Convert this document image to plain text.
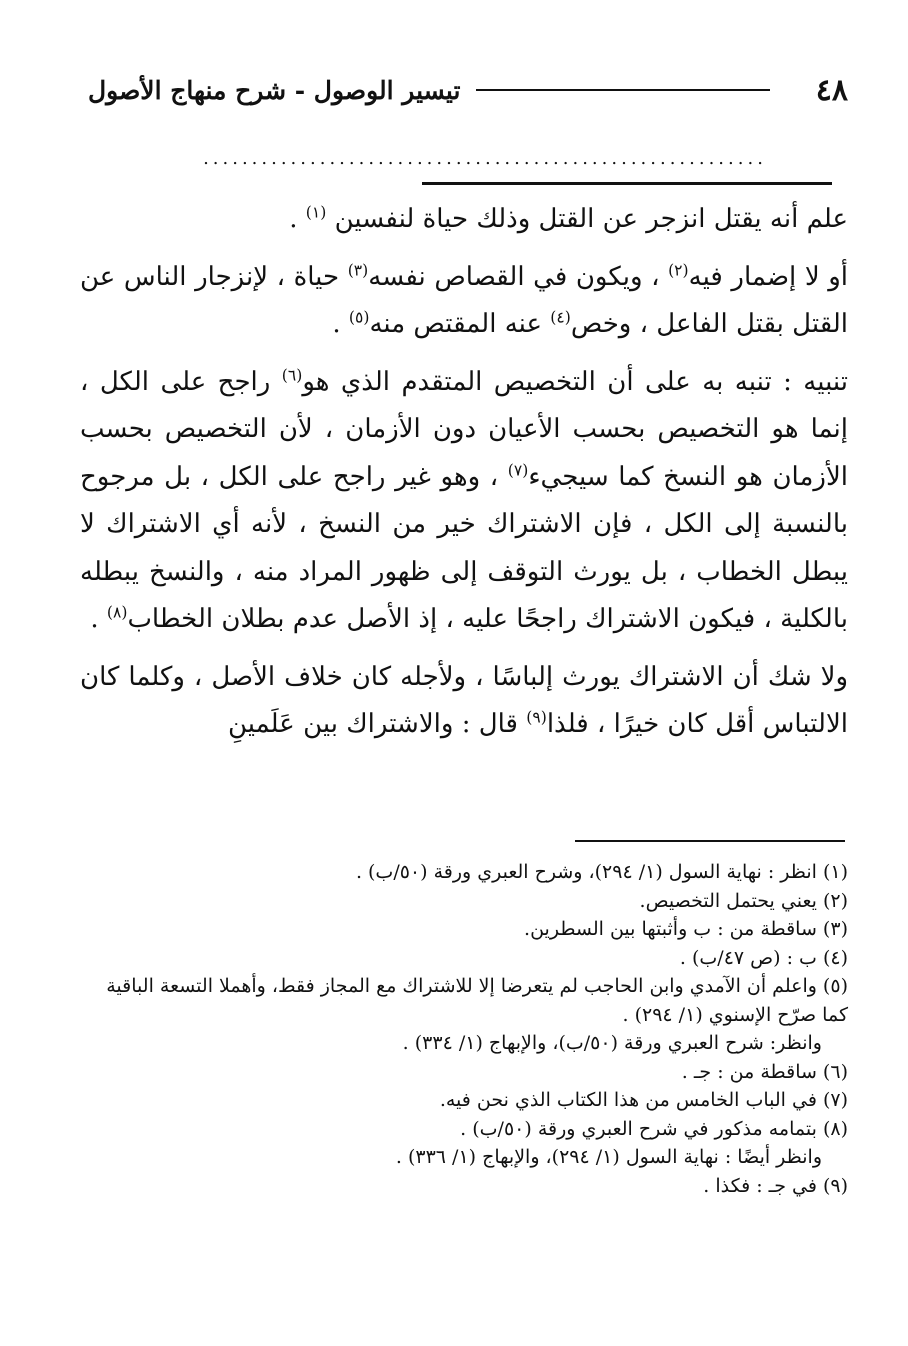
٤٨
تيسير الوصول - شرح منهاج الأصول
..........................................................

علم أنه يقتل انزجر عن القتل وذلك حياة لنفسين $^{(١)}$ .

أو لا إضمار فيه$^{(٢)}$ ، ويكون في القصاص نفسه$^{(٣)}$ حياة ، لإنزجار الناس عن القتل بقتل الفاعل ، وخص$^{(٤)}$ عنه المقتص منه$^{(٥)}$ .

تنبيه : تنبه به على أن التخصيص المتقدم الذي هو$^{(٦)}$ راجح على الكل ، إنما هو التخصيص بحسب الأعيان دون الأزمان ، لأن التخصيص بحسب الأزمان هو النسخ كما سيجيء$^{(٧)}$ ، وهو غير راجح على الكل ، بل مرجوح بالنسبة إلى الكل ، فإن الاشتراك خير من النسخ ، لأنه أي الاشتراك لا يبطل الخطاب ، بل يورث التوقف إلى ظهور المراد منه ، والنسخ يبطله بالكلية ، فيكون الاشتراك راجحًا عليه ، إذ الأصل عدم بطلان الخطاب$^{(٨)}$ .

ولا شك أن الاشتراك يورث إلباسًا ، ولأجله كان خلاف الأصل ، وكلما كان الالتباس أقل كان خيرًا ، فلذا$^{(٩)}$ قال : والاشتراك بين عَلَمينِ

(١) انظر : نهاية السول (١/ ٢٩٤)، وشرح العبري ورقة (٥٠/ب) .

(٢) يعني يحتمل التخصيص.

(٣) ساقطة من : ب وأثبتها بين السطرين.

(٤) ب : (ص ٤٧/ب) .

(٥) واعلم أن الآمدي وابن الحاجب لم يتعرضا إلا للاشتراك مع المجاز فقط، وأهملا التسعة الباقية كما صرّح الإسنوي (١/ ٢٩٤) .

وانظر: شرح العبري ورقة (٥٠/ب)، والإبهاج (١/ ٣٣٤) .

(٦) ساقطة من : جـ .

(٧) في الباب الخامس من هذا الكتاب الذي نحن فيه.

(٨) بتمامه مذكور في شرح العبري ورقة (٥٠/ب) .

وانظر أيضًا : نهاية السول (١/ ٢٩٤)، والإبهاج (١/ ٣٣٦) .

(٩) في جـ : فكذا .
